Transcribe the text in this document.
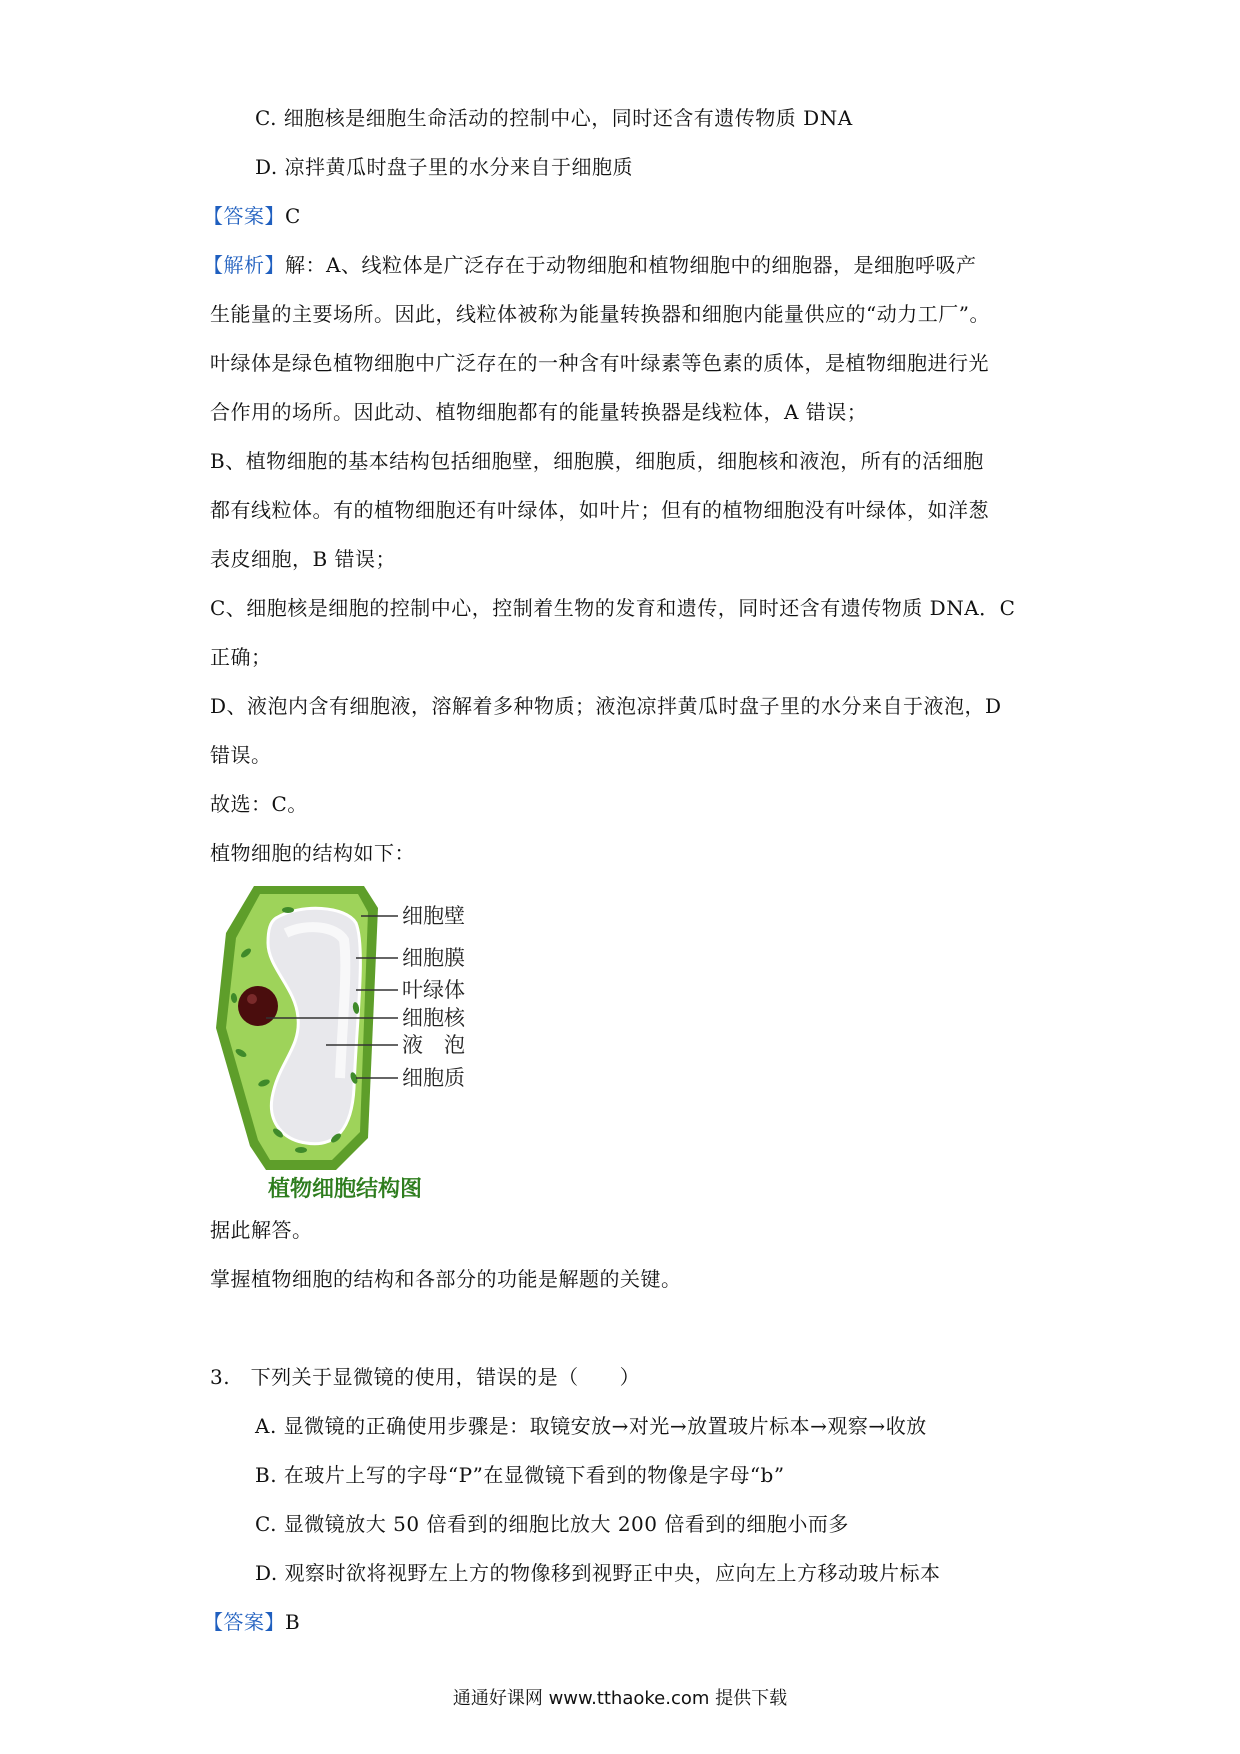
C. 细胞核是细胞生命活动的控制中心，同时还含有遗传物质 DNA
D. 凉拌黄瓜时盘子里的水分来自于细胞质
【答案】C
【解析】解：A、线粒体是广泛存在于动物细胞和植物细胞中的细胞器，是细胞呼吸产
生能量的主要场所。因此，线粒体被称为能量转换器和细胞内能量供应的“动力工厂”。
叶绿体是绿色植物细胞中广泛存在的一种含有叶绿素等色素的质体，是植物细胞进行光
合作用的场所。因此动、植物细胞都有的能量转换器是线粒体，A 错误；
B、植物细胞的基本结构包括细胞壁，细胞膜，细胞质，细胞核和液泡，所有的活细胞
都有线粒体。有的植物细胞还有叶绿体，如叶片；但有的植物细胞没有叶绿体，如洋葱
表皮细胞，B 错误；
C、细胞核是细胞的控制中心，控制着生物的发育和遗传，同时还含有遗传物质 DNA．C
正确；
D、液泡内含有细胞液，溶解着多种物质；液泡凉拌黄瓜时盘子里的水分来自于液泡，D
错误。
故选：C。
植物细胞的结构如下：
细胞壁
细胞膜
叶绿体
细胞核
液　泡
细胞质
植物细胞结构图
据此解答。
掌握植物细胞的结构和各部分的功能是解题的关键。
3.　下列关于显微镜的使用，错误的是（　　）
A. 显微镜的正确使用步骤是：取镜安放→对光→放置玻片标本→观察→收放
B. 在玻片上写的字母“P”在显微镜下看到的物像是字母“b”
C. 显微镜放大 50 倍看到的细胞比放大 200 倍看到的细胞小而多
D. 观察时欲将视野左上方的物像移到视野正中央，应向左上方移动玻片标本
【答案】B
通通好课网 www.tthaoke.com 提供下载
